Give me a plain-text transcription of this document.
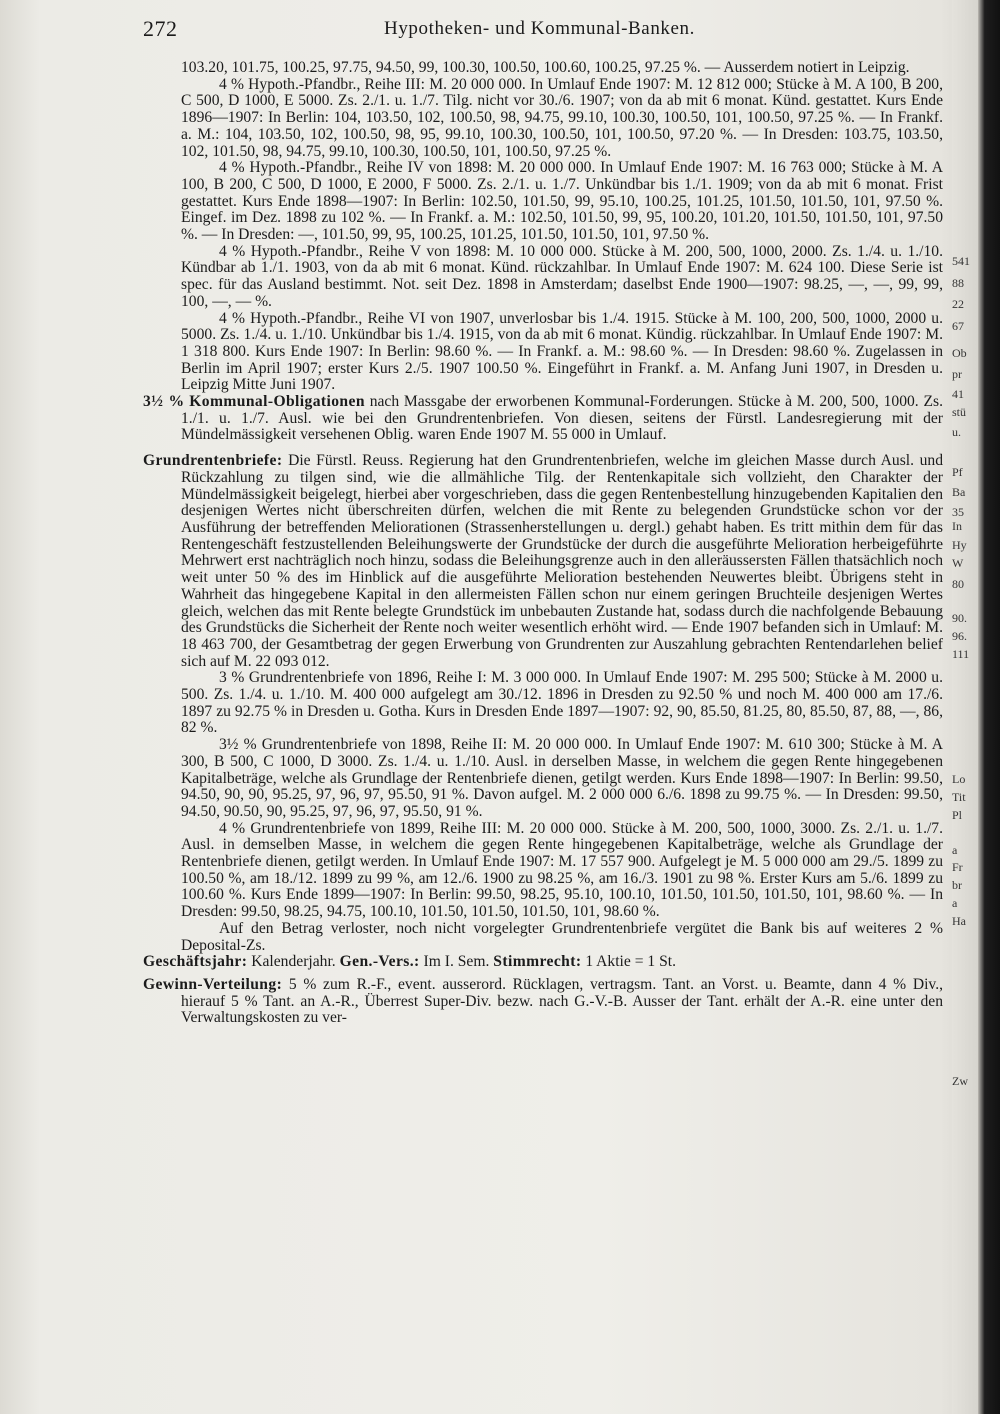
272	Hypotheken- und Kommunal-Banken.

103.20, 101.75, 100.25, 97.75, 94.50, 99, 100.30, 100.50, 100.60, 100.25, 97.25 %. — Ausserdem notiert in Leipzig.

4 % Hypoth.-Pfandbr., Reihe III: M. 20 000 000. In Umlauf Ende 1907: M. 12 812 000; Stücke à M. A 100, B 200, C 500, D 1000, E 5000. Zs. 2./1. u. 1./7. Tilg. nicht vor 30./6. 1907; von da ab mit 6 monat. Künd. gestattet. Kurs Ende 1896—1907: In Berlin: 104, 103.50, 102, 100.50, 98, 94.75, 99.10, 100.30, 100.50, 101, 100.50, 97.25 %. — In Frankf. a. M.: 104, 103.50, 102, 100.50, 98, 95, 99.10, 100.30, 100.50, 101, 100.50, 97.20 %. — In Dresden: 103.75, 103.50, 102, 101.50, 98, 94.75, 99.10, 100.30, 100.50, 101, 100.50, 97.25 %.

4 % Hypoth.-Pfandbr., Reihe IV von 1898: M. 20 000 000. In Umlauf Ende 1907: M. 16 763 000; Stücke à M. A 100, B 200, C 500, D 1000, E 2000, F 5000. Zs. 2./1. u. 1./7. Unkündbar bis 1./1. 1909; von da ab mit 6 monat. Frist gestattet. Kurs Ende 1898—1907: In Berlin: 102.50, 101.50, 99, 95.10, 100.25, 101.25, 101.50, 101.50, 101, 97.50 %. Eingef. im Dez. 1898 zu 102 %. — In Frankf. a. M.: 102.50, 101.50, 99, 95, 100.20, 101.20, 101.50, 101.50, 101, 97.50 %. — In Dresden: —, 101.50, 99, 95, 100.25, 101.25, 101.50, 101.50, 101, 97.50 %.

4 % Hypoth.-Pfandbr., Reihe V von 1898: M. 10 000 000. Stücke à M. 200, 500, 1000, 2000. Zs. 1./4. u. 1./10. Kündbar ab 1./1. 1903, von da ab mit 6 monat. Künd. rückzahlbar. In Umlauf Ende 1907: M. 624 100. Diese Serie ist spec. für das Ausland bestimmt. Not. seit Dez. 1898 in Amsterdam; daselbst Ende 1900—1907: 98.25, —, —, 99, 99, 100, —, — %.

4 % Hypoth.-Pfandbr., Reihe VI von 1907, unverlosbar bis 1./4. 1915. Stücke à M. 100, 200, 500, 1000, 2000 u. 5000. Zs. 1./4. u. 1./10. Unkündbar bis 1./4. 1915, von da ab mit 6 monat. Kündig. rückzahlbar. In Umlauf Ende 1907: M. 1 318 800. Kurs Ende 1907: In Berlin: 98.60 %. — In Frankf. a. M.: 98.60 %. — In Dresden: 98.60 %. Zugelassen in Berlin im April 1907; erster Kurs 2./5. 1907 100.50 %. Eingeführt in Frankf. a. M. Anfang Juni 1907, in Dresden u. Leipzig Mitte Juni 1907.

3½ % Kommunal-Obligationen nach Massgabe der erworbenen Kommunal-Forderungen. Stücke à M. 200, 500, 1000. Zs. 1./1. u. 1./7. Ausl. wie bei den Grundrentenbriefen. Von diesen, seitens der Fürstl. Landesregierung mit der Mündelmässigkeit versehenen Oblig. waren Ende 1907 M. 55 000 in Umlauf.

Grundrentenbriefe: Die Fürstl. Reuss. Regierung hat den Grundrentenbriefen, welche im gleichen Masse durch Ausl. und Rückzahlung zu tilgen sind, wie die allmähliche Tilg. der Rentenkapitale sich vollzieht, den Charakter der Mündelmässigkeit beigelegt, hierbei aber vorgeschrieben, dass die gegen Rentenbestellung hinzugebenden Kapitalien den desjenigen Wertes nicht überschreiten dürfen, welchen die mit Rente zu belegenden Grundstücke schon vor der Ausführung der betreffenden Meliorationen (Strassenherstellungen u. dergl.) gehabt haben. Es tritt mithin dem für das Rentengeschäft festzustellenden Beleihungswerte der Grundstücke der durch die ausgeführte Melioration herbeigeführte Mehrwert erst nachträglich noch hinzu, sodass die Beleihungsgrenze auch in den alleräussersten Fällen thatsächlich noch weit unter 50 % des im Hinblick auf die ausgeführte Melioration bestehenden Neuwertes bleibt. Übrigens steht in Wahrheit das hingegebene Kapital in den allermeisten Fällen schon nur einem geringen Bruchteile desjenigen Wertes gleich, welchen das mit Rente belegte Grundstück im unbebauten Zustande hat, sodass durch die nachfolgende Bebauung des Grundstücks die Sicherheit der Rente noch weiter wesentlich erhöht wird. — Ende 1907 befanden sich in Umlauf: M. 18 463 700, der Gesamtbetrag der gegen Erwerbung von Grundrenten zur Auszahlung gebrachten Rentendarlehen belief sich auf M. 22 093 012.

3 % Grundrentenbriefe von 1896, Reihe I: M. 3 000 000. In Umlauf Ende 1907: M. 295 500; Stücke à M. 2000 u. 500. Zs. 1./4. u. 1./10. M. 400 000 aufgelegt am 30./12. 1896 in Dresden zu 92.50 % und noch M. 400 000 am 17./6. 1897 zu 92.75 % in Dresden u. Gotha. Kurs in Dresden Ende 1897—1907: 92, 90, 85.50, 81.25, 80, 85.50, 87, 88, —, 86, 82 %.

3½ % Grundrentenbriefe von 1898, Reihe II: M. 20 000 000. In Umlauf Ende 1907: M. 610 300; Stücke à M. A 300, B 500, C 1000, D 3000. Zs. 1./4. u. 1./10. Ausl. in derselben Masse, in welchem die gegen Rente hingegebenen Kapitalbeträge, welche als Grundlage der Rentenbriefe dienen, getilgt werden. Kurs Ende 1898—1907: In Berlin: 99.50, 94.50, 90, 90, 95.25, 97, 96, 97, 95.50, 91 %. Davon aufgel. M. 2 000 000 6./6. 1898 zu 99.75 %. — In Dresden: 99.50, 94.50, 90.50, 90, 95.25, 97, 96, 97, 95.50, 91 %.

4 % Grundrentenbriefe von 1899, Reihe III: M. 20 000 000. Stücke à M. 200, 500, 1000, 3000. Zs. 2./1. u. 1./7. Ausl. in demselben Masse, in welchem die gegen Rente hingegebenen Kapitalbeträge, welche als Grundlage der Rentenbriefe dienen, getilgt werden. In Umlauf Ende 1907: M. 17 557 900. Aufgelegt je M. 5 000 000 am 29./5. 1899 zu 100.50 %, am 18./12. 1899 zu 99 %, am 12./6. 1900 zu 98.25 %, am 16./3. 1901 zu 98 %. Erster Kurs am 5./6. 1899 zu 100.60 %. Kurs Ende 1899—1907: In Berlin: 99.50, 98.25, 95.10, 100.10, 101.50, 101.50, 101.50, 101, 98.60 %. — In Dresden: 99.50, 98.25, 94.75, 100.10, 101.50, 101.50, 101.50, 101, 98.60 %.

Auf den Betrag verloster, noch nicht vorgelegter Grundrentenbriefe vergütet die Bank bis auf weiteres 2 % Deposital-Zs.

Geschäftsjahr: Kalenderjahr. Gen.-Vers.: Im I. Sem. Stimmrecht: 1 Aktie = 1 St.

Gewinn-Verteilung: 5 % zum R.-F., event. ausserord. Rücklagen, vertragsm. Tant. an Vorst. u. Beamte, dann 4 % Div., hierauf 5 % Tant. an A.-R., Überrest Super-Div. bezw. nach G.-V.-B. Ausser der Tant. erhält der A.-R. eine unter den Verwaltungskosten zu ver-

541
88
22
67
Ob
pr
41
stü
u.
Pf
Ba
35
In
Hy
W
80
90.
96.
111
Lo
Tit
Pl
a
Fr
br
a
Ha
Zw
